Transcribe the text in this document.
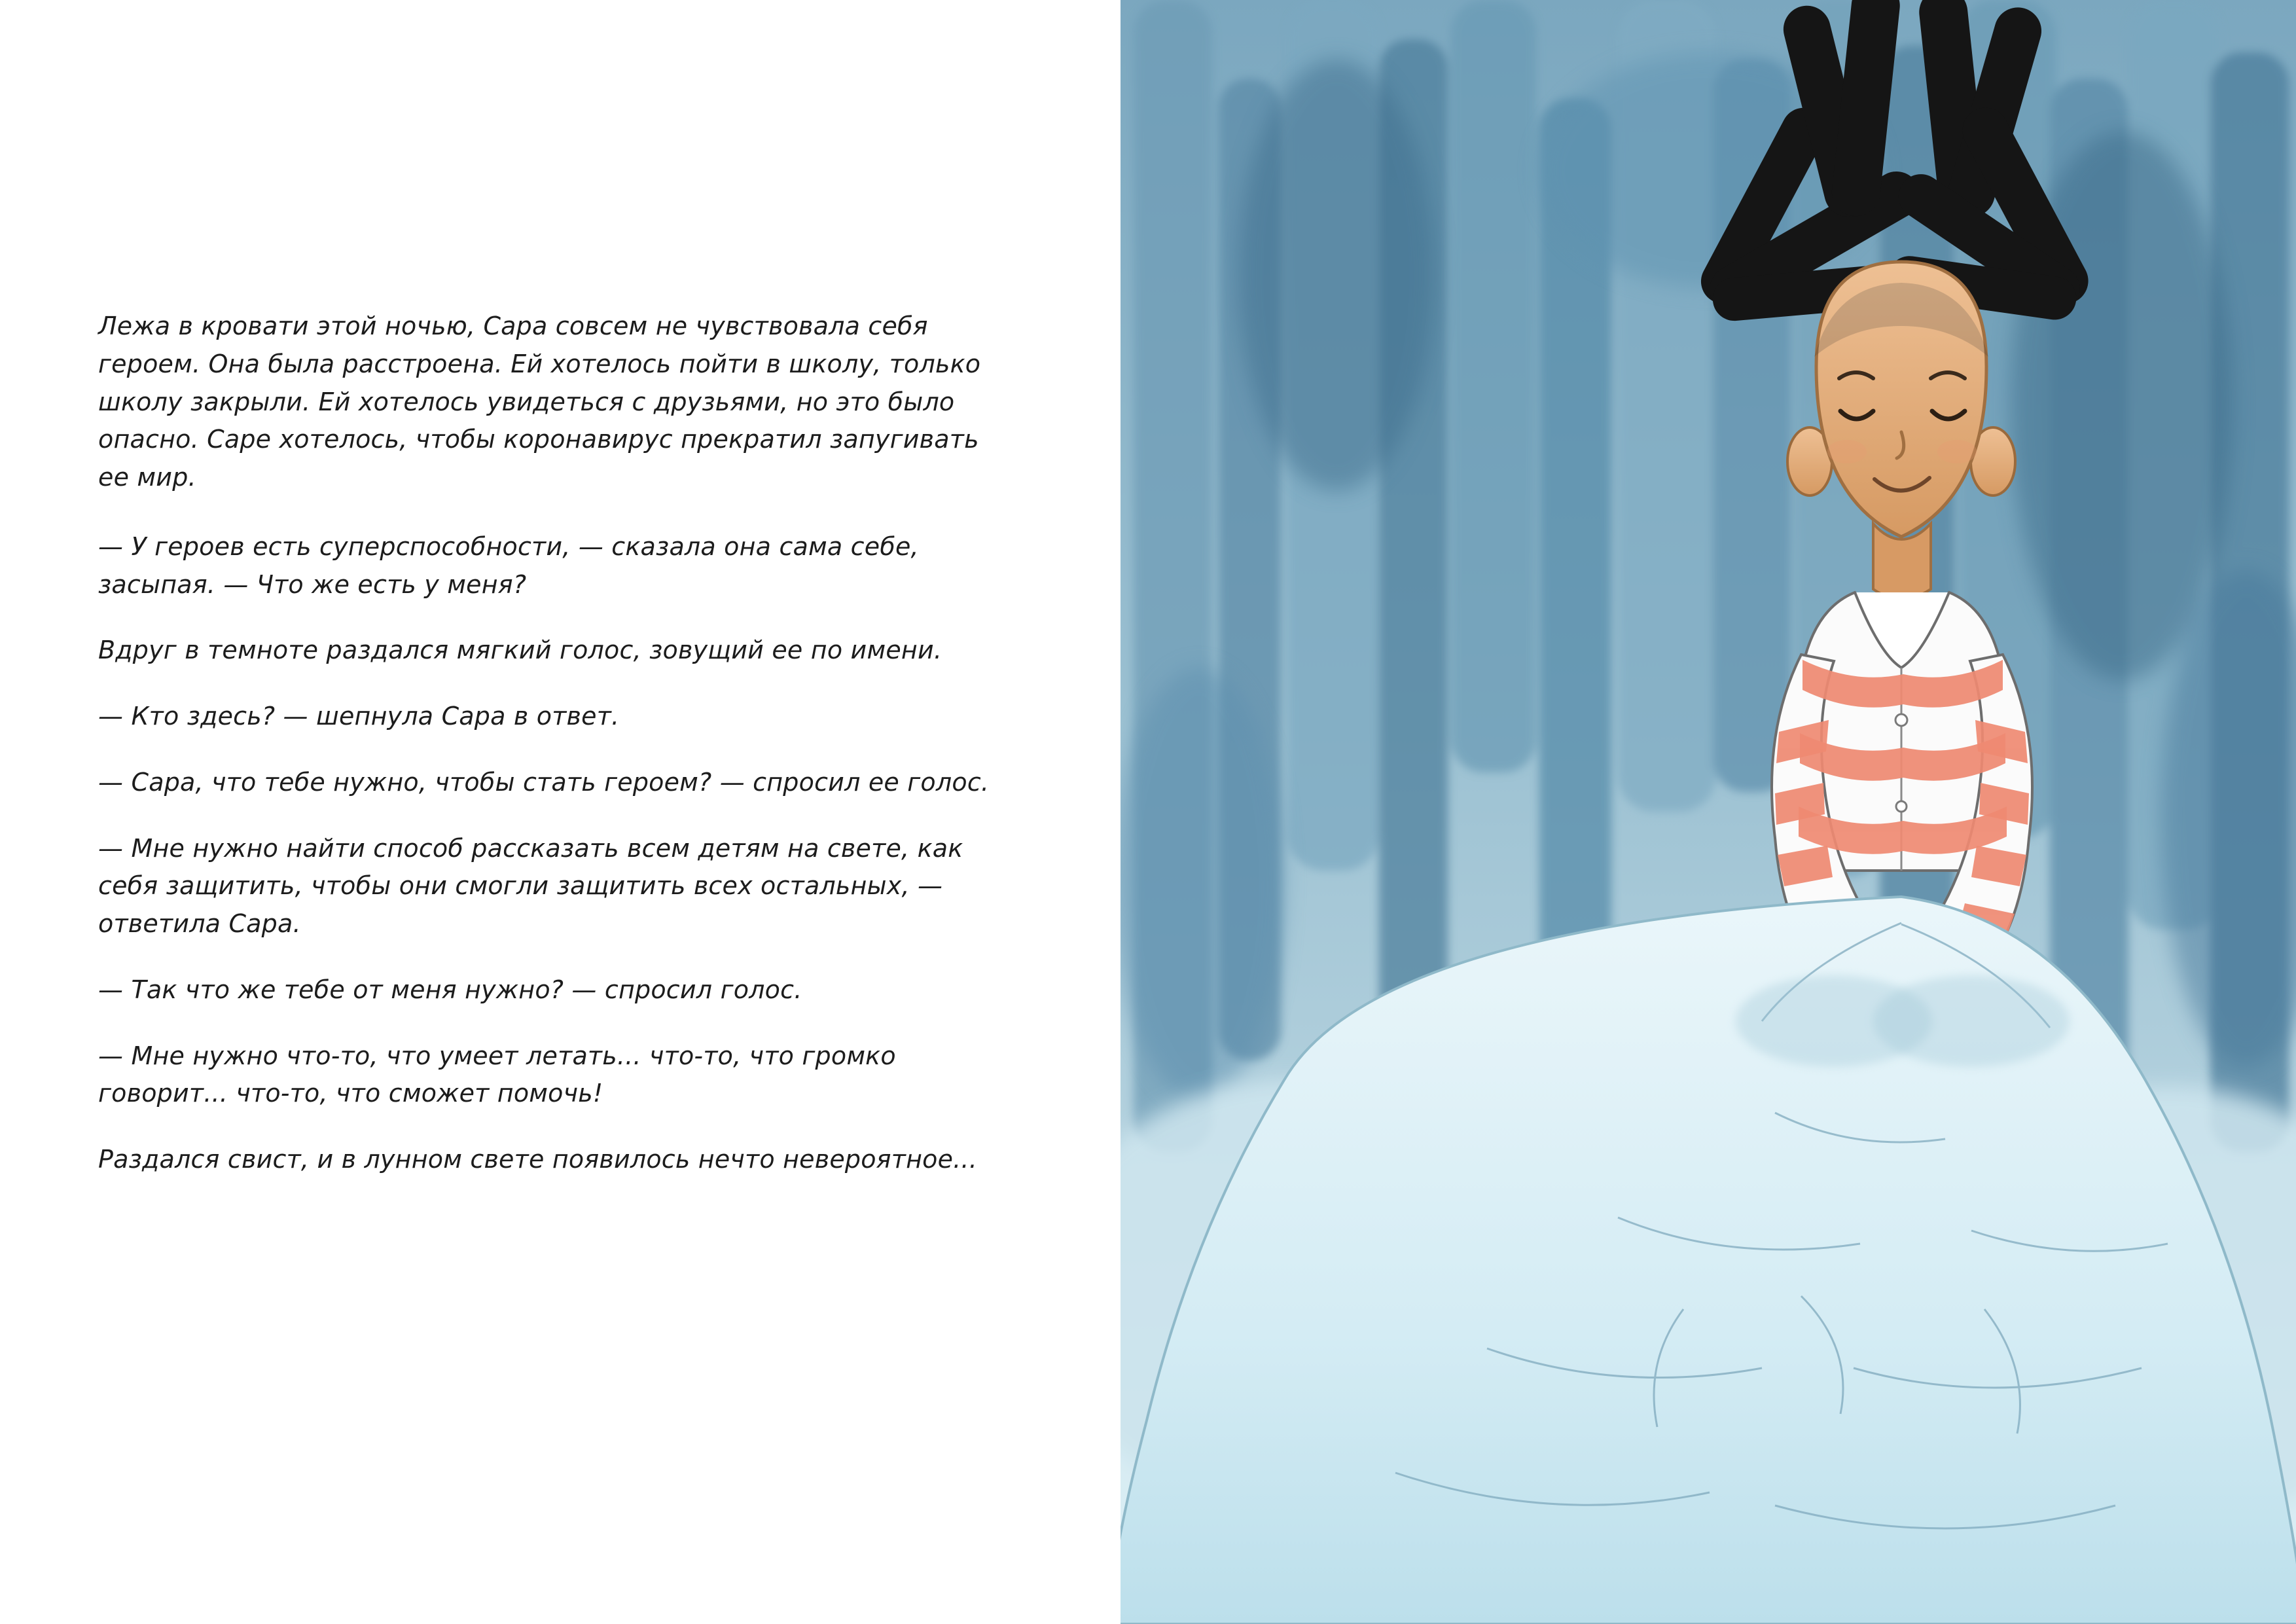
Лежа в кровати этой ночью, Сара совсем не чувствовала себя героем. Она была расстроена. Ей хотелось пойти в школу, только школу закрыли. Ей хотелось увидеться с друзьями, но это было опасно. Саре хотелось, чтобы коронавирус прекратил запугивать ее мир.

— У героев есть суперспособности, — сказала она сама себе, засыпая. — Что же есть у меня?

Вдруг в темноте раздался мягкий голос, зовущий ее по имени.

— Кто здесь? — шепнула Сара в ответ.

— Сара, что тебе нужно, чтобы стать героем? — спросил ее голос.

— Мне нужно найти способ рассказать всем детям на свете, как себя защитить, чтобы они смогли защитить всех остальных, — ответила Сара.

— Так что же тебе от меня нужно? — спросил голос.

— Мне нужно что-то, что умеет летать... что-то, что громко говорит... что-то, что сможет помочь!

Раздался свист, и в лунном свете появилось нечто невероятное...
